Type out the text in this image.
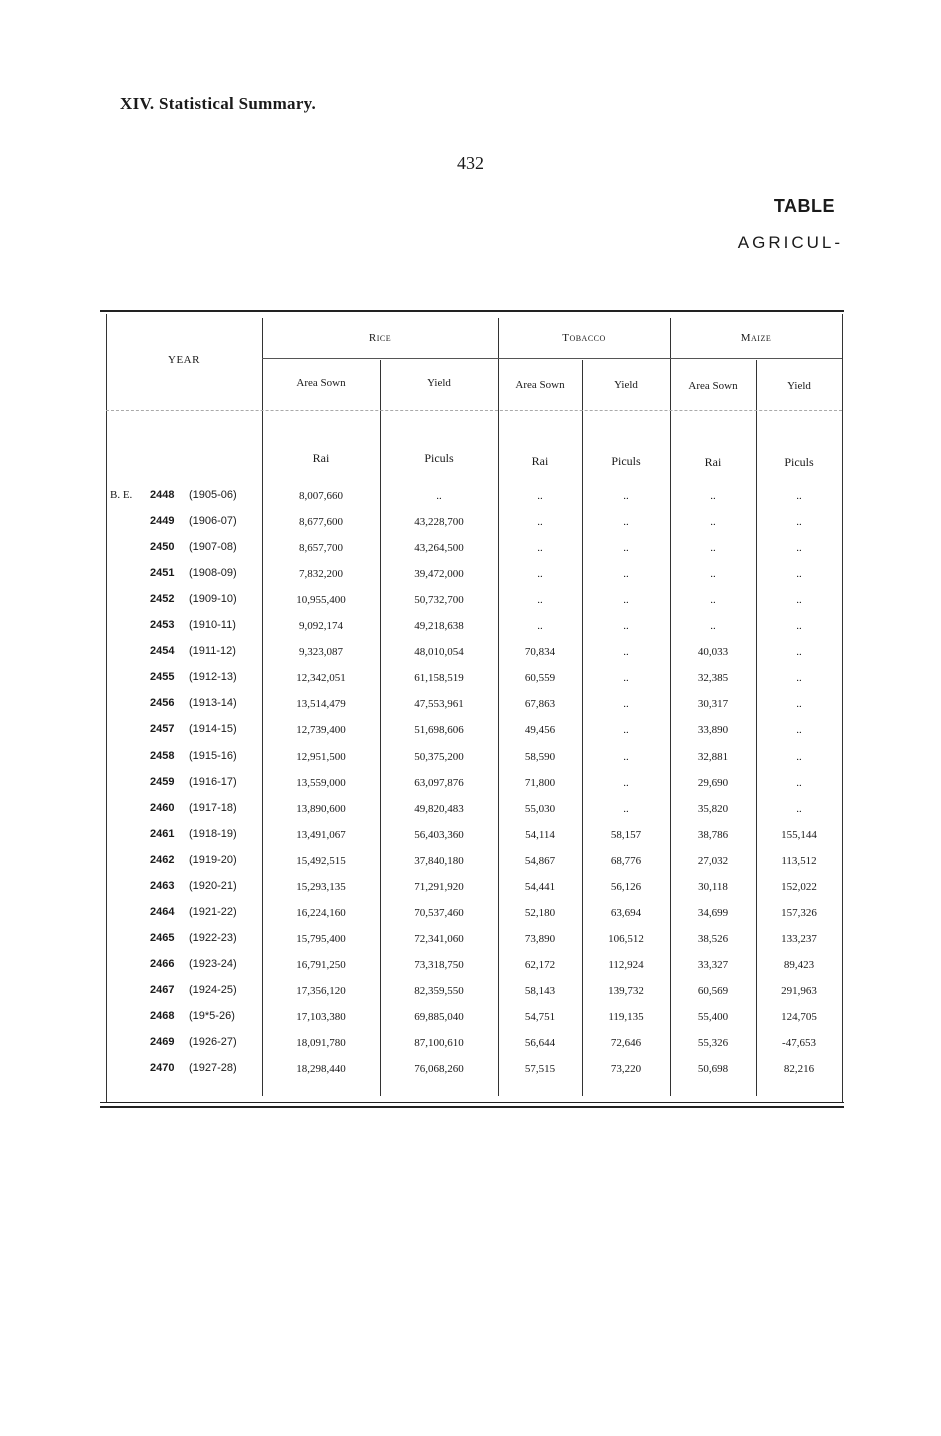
XIV. Statistical Summary.
432
TABLE
AGRICUL-
YEAR
Rice	Tobacco	Maize
Area Sown	Yield	Area Sown	Yield	Area Sown	Yield
Rai	Piculs	Rai	Piculs	Rai	Piculs
B. E. 2448 (1905-06)	8,007,660	..	..	..	..	..
2449 (1906-07)	8,677,600	43,228,700	..	..	..	..
2450 (1907-08)	8,657,700	43,264,500	..	..	..	..
2451 (1908-09)	7,832,200	39,472,000	..	..	..	..
2452 (1909-10)	10,955,400	50,732,700	..	..	..	..
2453 (1910-11)	9,092,174	49,218,638	..	..	..	..
2454 (1911-12)	9,323,087	48,010,054	70,834	..	40,033	..
2455 (1912-13)	12,342,051	61,158,519	60,559	..	32,385	..
2456 (1913-14)	13,514,479	47,553,961	67,863	..	30,317	..
2457 (1914-15)	12,739,400	51,698,606	49,456	..	33,890	..
2458 (1915-16)	12,951,500	50,375,200	58,590	..	32,881	..
2459 (1916-17)	13,559,000	63,097,876	71,800	..	29,690	..
2460 (1917-18)	13,890,600	49,820,483	55,030	..	35,820	..
2461 (1918-19)	13,491,067	56,403,360	54,114	58,157	38,786	155,144
2462 (1919-20)	15,492,515	37,840,180	54,867	68,776	27,032	113,512
2463 (1920-21)	15,293,135	71,291,920	54,441	56,126	30,118	152,022
2464 (1921-22)	16,224,160	70,537,460	52,180	63,694	34,699	157,326
2465 (1922-23)	15,795,400	72,341,060	73,890	106,512	38,526	133,237
2466 (1923-24)	16,791,250	73,318,750	62,172	112,924	33,327	89,423
2467 (1924-25)	17,356,120	82,359,550	58,143	139,732	60,569	291,963
2468 (19*5-26)	17,103,380	69,885,040	54,751	119,135	55,400	124,705
2469 (1926-27)	18,091,780	87,100,610	56,644	72,646	55,326	-47,653
2470 (1927-28)	18,298,440	76,068,260	57,515	73,220	50,698	82,216
